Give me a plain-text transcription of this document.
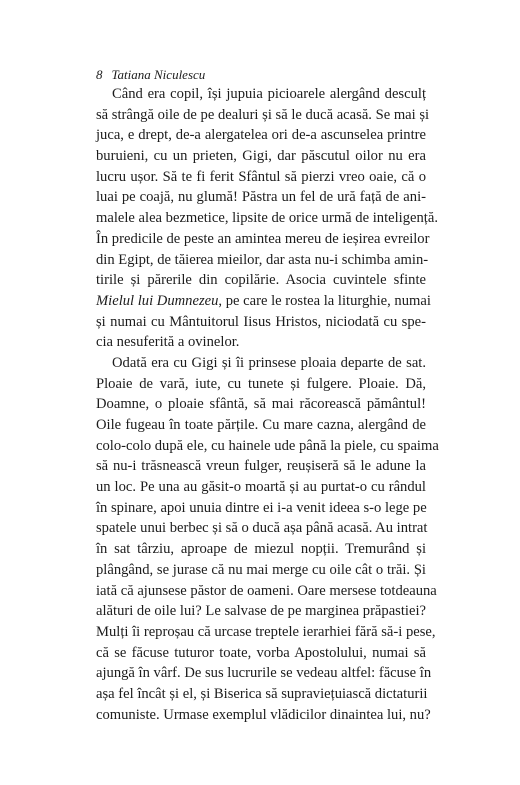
8 Tatiana Niculescu
Când era copil, își jupuia picioarele alergând desculț
să strângă oile de pe dealuri și să le ducă acasă. Se mai și
juca, e drept, de-a alergatelea ori de-a ascunselea printre
buruieni, cu un prieten, Gigi, dar păscutul oilor nu era
lucru ușor. Să te fi ferit Sfântul să pierzi vreo oaie, că o
luai pe coajă, nu glumă! Păstra un fel de ură față de ani-
malele alea bezmetice, lipsite de orice urmă de inteligență.
În predicile de peste an amintea mereu de ieșirea evreilor
din Egipt, de tăierea mieilor, dar asta nu-i schimba amin-
tirile și părerile din copilărie. Asocia cuvintele sfinte
Mielul lui Dumnezeu, pe care le rostea la liturghie, numai
și numai cu Mântuitorul Iisus Hristos, niciodată cu spe-
cia nesuferită a ovinelor.
Odată era cu Gigi și îi prinsese ploaia departe de sat.
Ploaie de vară, iute, cu tunete și fulgere. Ploaie. Dă,
Doamne, o ploaie sfântă, să mai răcorească pământul!
Oile fugeau în toate părțile. Cu mare cazna, alergând de
colo-colo după ele, cu hainele ude până la piele, cu spaima
să nu-i trăsnească vreun fulger, reușiseră să le adune la
un loc. Pe una au găsit-o moartă și au purtat-o cu rândul
în spinare, apoi unuia dintre ei i-a venit ideea s-o lege pe
spatele unui berbec și să o ducă așa până acasă. Au intrat
în sat târziu, aproape de miezul nopții. Tremurând și
plângând, se jurase că nu mai merge cu oile cât o trăi. Și
iată că ajunsese păstor de oameni. Oare mersese totdeauna
alături de oile lui? Le salvase de pe marginea prăpastiei?
Mulți îi reproșau că urcase treptele ierarhiei fără să-i pese,
că se făcuse tuturor toate, vorba Apostolului, numai să
ajungă în vârf. De sus lucrurile se vedeau altfel: făcuse în
așa fel încât și el, și Biserica să supraviețuiască dictaturii
comuniste. Urmase exemplul vlădicilor dinaintea lui, nu?
